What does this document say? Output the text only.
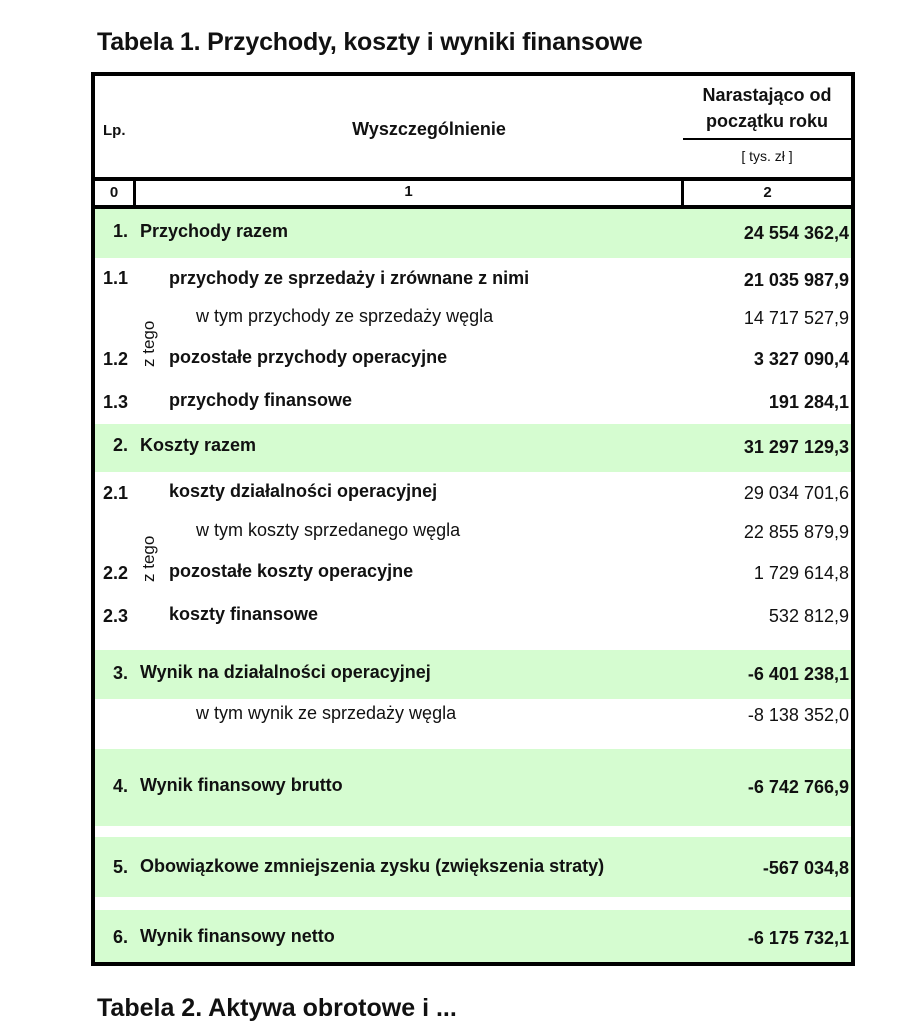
Tabela 1. Przychody, koszty i wyniki finansowe
Lp.	Wyszczególnienie
Narastająco od
początku roku
[ tys. zł ]
0	1	2
1. Przychody razem	24 554 362,4
1.1 przychody ze sprzedaży i zrównane z nimi	21 035 987,9
w tym przychody ze sprzedaży węgla	14 717 527,9
z tego
1.2 pozostałe przychody operacyjne	3 327 090,4
1.3 przychody finansowe	191 284,1
2. Koszty razem	31 297 129,3
2.1 koszty działalności operacyjnej	29 034 701,6
w tym koszty sprzedanego węgla	22 855 879,9
z tego
2.2 pozostałe koszty operacyjne	1 729 614,8
2.3 koszty finansowe	532 812,9
3. Wynik na działalności operacyjnej	-6 401 238,1
w tym wynik ze sprzedaży węgla	-8 138 352,0
4. Wynik finansowy brutto	-6 742 766,9
5. Obowiązkowe zmniejszenia zysku (zwiększenia straty)	-567 034,8
6. Wynik finansowy netto	-6 175 732,1
Tabela 2. Aktywa obrotowe i ...
